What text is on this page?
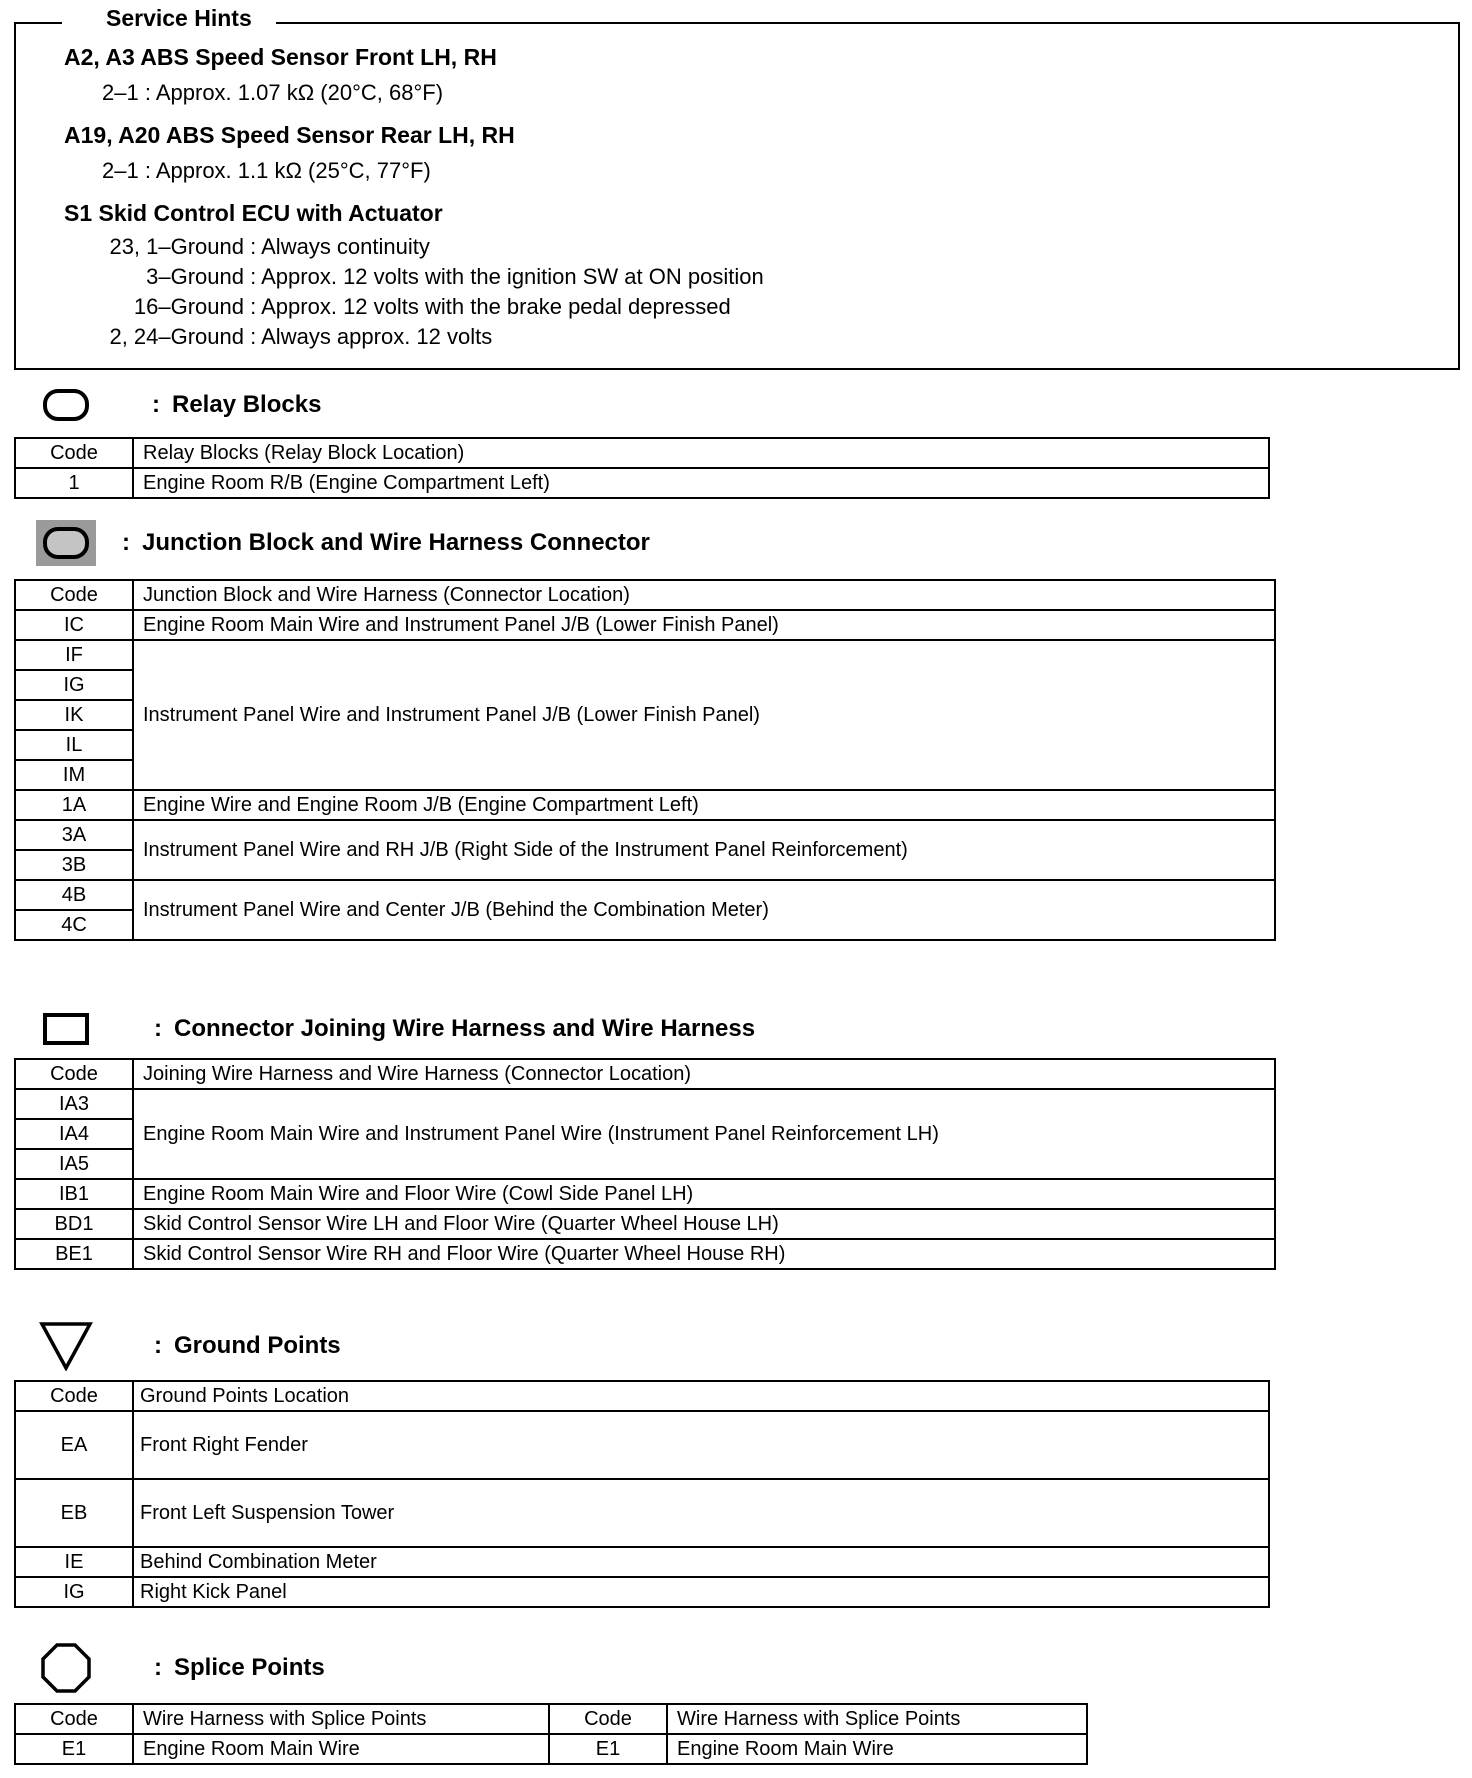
A2, A3 ABS Speed Sensor Front LH, RH
2–1 : Approx. 1.07 kΩ (20°C, 68°F)
A19, A20 ABS Speed Sensor Rear LH, RH
2–1 : Approx. 1.1 kΩ (25°C, 77°F)
S1 Skid Control ECU with Actuator
23, 1–Ground : Always continuity
3–Ground : Approx. 12 volts with the ignition SW at ON position
16–Ground : Approx. 12 volts with the brake pedal depressed
2, 24–Ground : Always approx. 12 volts
Service Hints
: Relay Blocks
Code	Relay Blocks (Relay Block Location)
1	Engine Room R/B (Engine Compartment Left)
: Junction Block and Wire Harness Connector
Code	Junction Block and Wire Harness (Connector Location)
IC	Engine Room Main Wire and Instrument Panel J/B (Lower Finish Panel)
IF	Instrument Panel Wire and Instrument Panel J/B (Lower Finish Panel)
IG	
IK	
IL	
IM	
1A	Engine Wire and Engine Room J/B (Engine Compartment Left)
3A	Instrument Panel Wire and RH J/B (Right Side of the Instrument Panel Reinforcement)
3B	
4B	Instrument Panel Wire and Center J/B (Behind the Combination Meter)
4C	
: Connector Joining Wire Harness and Wire Harness
Code	Joining Wire Harness and Wire Harness (Connector Location)
IA3	Engine Room Main Wire and Instrument Panel Wire (Instrument Panel Reinforcement LH)
IA4	
IA5	
IB1	Engine Room Main Wire and Floor Wire (Cowl Side Panel LH)
BD1	Skid Control Sensor Wire LH and Floor Wire (Quarter Wheel House LH)
BE1	Skid Control Sensor Wire RH and Floor Wire (Quarter Wheel House RH)
: Ground Points
Code	Ground Points Location
EA	Front Right Fender
EB	Front Left Suspension Tower
IE	Behind Combination Meter
IG	Right Kick Panel
: Splice Points
Code	Wire Harness with Splice Points	Code	Wire Harness with Splice Points
E1	Engine Room Main Wire	E1	Engine Room Main Wire
